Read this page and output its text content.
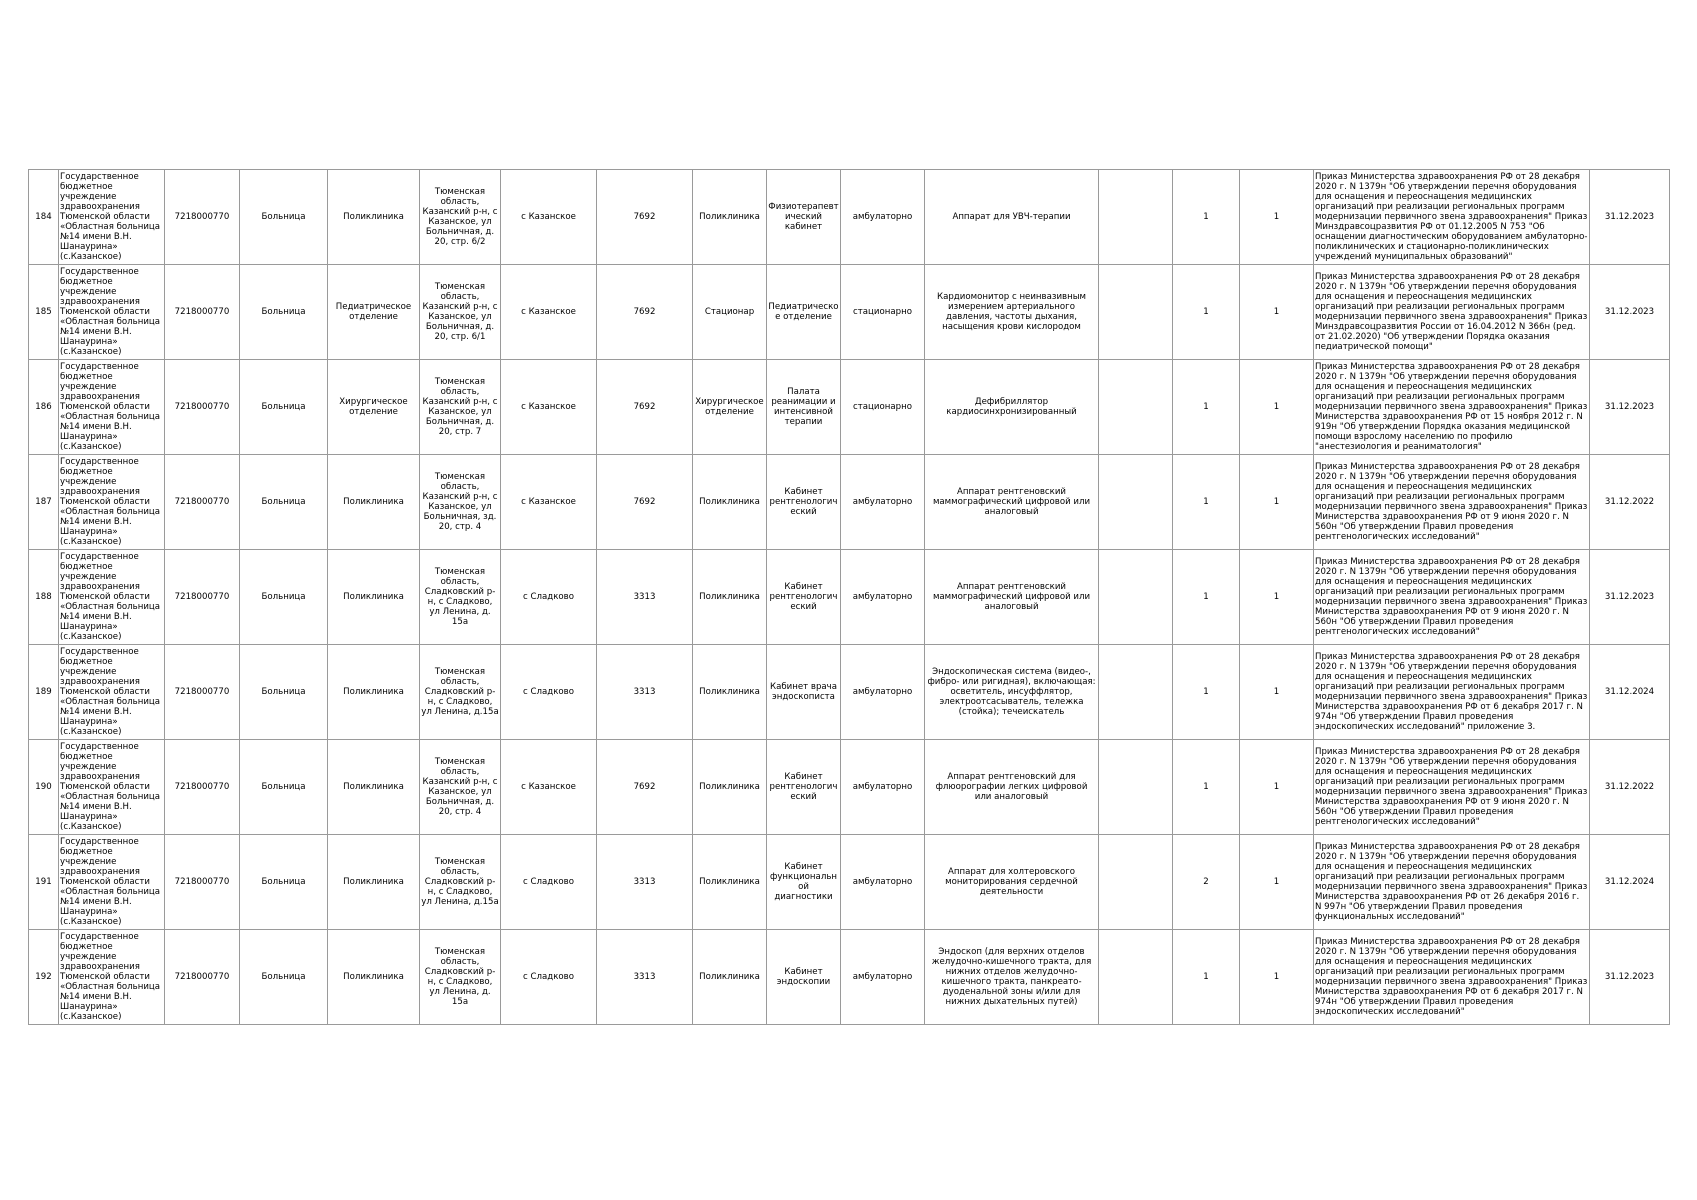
184	Государственное бюджетное учреждение здравоохранения Тюменской области «Областная больница №14 имени В.Н. Шанаурина» (с.Казанское)	7218000770	Больница	Поликлиника	Тюменская область, Казанский р-н, с Казанское, ул Больничная, д. 20, стр. 6/2	с Казанское	7692	Поликлиника	Физиотерапевтический кабинет	амбулаторно	Аппарат для УВЧ-терапии		1	1	Приказ Министерства здравоохранения РФ от 28 декабря 2020 г. N 1379н "Об утверждении перечня оборудования для оснащения и переоснащения медицинских организаций при реализации региональных программ модернизации первичного звена здравоохранения" Приказ Минздравсоцразвития РФ от 01.12.2005 N 753 "Об оснащении диагностическим оборудованием амбулаторно-поликлинических и стационарно-поликлинических учреждений муниципальных образований"	31.12.2023
185	Государственное бюджетное учреждение здравоохранения Тюменской области «Областная больница №14 имени В.Н. Шанаурина» (с.Казанское)	7218000770	Больница	Педиатрическое отделение	Тюменская область, Казанский р-н, с Казанское, ул Больничная, д. 20, стр. 6/1	с Казанское	7692	Стационар	Педиатрическое отделение	стационарно	Кардиомонитор с неинвазивным измерением артериального давления, частоты дыхания, насыщения крови кислородом		1	1	Приказ Министерства здравоохранения РФ от 28 декабря 2020 г. N 1379н "Об утверждении перечня оборудования для оснащения и переоснащения медицинских организаций при реализации региональных программ модернизации первичного звена здравоохранения" Приказ Минздравсоцразвития России от 16.04.2012 N 366н (ред. от 21.02.2020) "Об утверждении Порядка оказания педиатрической помощи"	31.12.2023
186	Государственное бюджетное учреждение здравоохранения Тюменской области «Областная больница №14 имени В.Н. Шанаурина» (с.Казанское)	7218000770	Больница	Хирургическое отделение	Тюменская область, Казанский р-н, с Казанское, ул Больничная, д. 20, стр. 7	с Казанское	7692	Хирургическое отделение	Палата реанимации и интенсивной терапии	стационарно	Дефибриллятор кардиосинхронизированный		1	1	Приказ Министерства здравоохранения РФ от 28 декабря 2020 г. N 1379н "Об утверждении перечня оборудования для оснащения и переоснащения медицинских организаций при реализации региональных программ модернизации первичного звена здравоохранения" Приказ Министерства здравоохранения РФ от 15 ноября 2012 г. N 919н "Об утверждении Порядка оказания медицинской помощи взрослому населению по профилю "анестезиология и реаниматология"	31.12.2023
187	Государственное бюджетное учреждение здравоохранения Тюменской области «Областная больница №14 имени В.Н. Шанаурина» (с.Казанское)	7218000770	Больница	Поликлиника	Тюменская область, Казанский р-н, с Казанское, ул Больничная, зд. 20, стр. 4	с Казанское	7692	Поликлиника	Кабинет рентгенологический	амбулаторно	Аппарат рентгеновский маммографический цифровой или аналоговый		1	1	Приказ Министерства здравоохранения РФ от 28 декабря 2020 г. N 1379н "Об утверждении перечня оборудования для оснащения и переоснащения медицинских организаций при реализации региональных программ модернизации первичного звена здравоохранения" Приказ Министерства здравоохранения РФ от 9 июня 2020 г. N 560н "Об утверждении Правил проведения рентгенологических исследований"	31.12.2022
188	Государственное бюджетное учреждение здравоохранения Тюменской области «Областная больница №14 имени В.Н. Шанаурина» (с.Казанское)	7218000770	Больница	Поликлиника	Тюменская область, Сладковский р-н, с Сладково, ул Ленина, д. 15а	с Сладково	3313	Поликлиника	Кабинет рентгенологический	амбулаторно	Аппарат рентгеновский маммографический цифровой или аналоговый		1	1	Приказ Министерства здравоохранения РФ от 28 декабря 2020 г. N 1379н "Об утверждении перечня оборудования для оснащения и переоснащения медицинских организаций при реализации региональных программ модернизации первичного звена здравоохранения" Приказ Министерства здравоохранения РФ от 9 июня 2020 г. N 560н "Об утверждении Правил проведения рентгенологических исследований"	31.12.2023
189	Государственное бюджетное учреждение здравоохранения Тюменской области «Областная больница №14 имени В.Н. Шанаурина» (с.Казанское)	7218000770	Больница	Поликлиника	Тюменская область, Сладковский р-н, с Сладково, ул Ленина, д.15а	с Сладково	3313	Поликлиника	Кабинет врача эндоскописта	амбулаторно	Эндоскопическая система (видео-, фибро- или ригидная), включающая: осветитель, инсуффлятор, электроотсасыватель, тележка (стойка); течеискатель		1	1	Приказ Министерства здравоохранения РФ от 28 декабря 2020 г. N 1379н "Об утверждении перечня оборудования для оснащения и переоснащения медицинских организаций при реализации региональных программ модернизации первичного звена здравоохранения" Приказ Министерства здравоохранения РФ от 6 декабря 2017 г. N 974н "Об утверждении Правил проведения эндоскопических исследований" приложение 3.	31.12.2024
190	Государственное бюджетное учреждение здравоохранения Тюменской области «Областная больница №14 имени В.Н. Шанаурина» (с.Казанское)	7218000770	Больница	Поликлиника	Тюменская область, Казанский р-н, с Казанское, ул Больничная, д. 20, стр. 4	с Казанское	7692	Поликлиника	Кабинет рентгенологический	амбулаторно	Аппарат рентгеновский для флюорографии легких цифровой или аналоговый		1	1	Приказ Министерства здравоохранения РФ от 28 декабря 2020 г. N 1379н "Об утверждении перечня оборудования для оснащения и переоснащения медицинских организаций при реализации региональных программ модернизации первичного звена здравоохранения" Приказ Министерства здравоохранения РФ от 9 июня 2020 г. N 560н "Об утверждении Правил проведения рентгенологических исследований"	31.12.2022
191	Государственное бюджетное учреждение здравоохранения Тюменской области «Областная больница №14 имени В.Н. Шанаурина» (с.Казанское)	7218000770	Больница	Поликлиника	Тюменская область, Сладковский р-н, с Сладково, ул Ленина, д.15а	с Сладково	3313	Поликлиника	Кабинет функциональной диагностики	амбулаторно	Аппарат для холтеровского мониторирования сердечной деятельности		2	1	Приказ Министерства здравоохранения РФ от 28 декабря 2020 г. N 1379н "Об утверждении перечня оборудования для оснащения и переоснащения медицинских организаций при реализации региональных программ модернизации первичного звена здравоохранения" Приказ Министерства здравоохранения РФ от 26 декабря 2016 г. N 997н "Об утверждении Правил проведения функциональных исследований"	31.12.2024
192	Государственное бюджетное учреждение здравоохранения Тюменской области «Областная больница №14 имени В.Н. Шанаурина» (с.Казанское)	7218000770	Больница	Поликлиника	Тюменская область, Сладковский р-н, с Сладково, ул Ленина, д. 15а	с Сладково	3313	Поликлиника	Кабинет эндоскопии	амбулаторно	Эндоскоп (для верхних отделов желудочно-кишечного тракта, для нижних отделов желудочно-кишечного тракта, панкреато-дуоденальной зоны и/или для нижних дыхательных путей)		1	1	Приказ Министерства здравоохранения РФ от 28 декабря 2020 г. N 1379н "Об утверждении перечня оборудования для оснащения и переоснащения медицинских организаций при реализации региональных программ модернизации первичного звена здравоохранения" Приказ Министерства здравоохранения РФ от 6 декабря 2017 г. N 974н "Об утверждении Правил проведения эндоскопических исследований"	31.12.2023
